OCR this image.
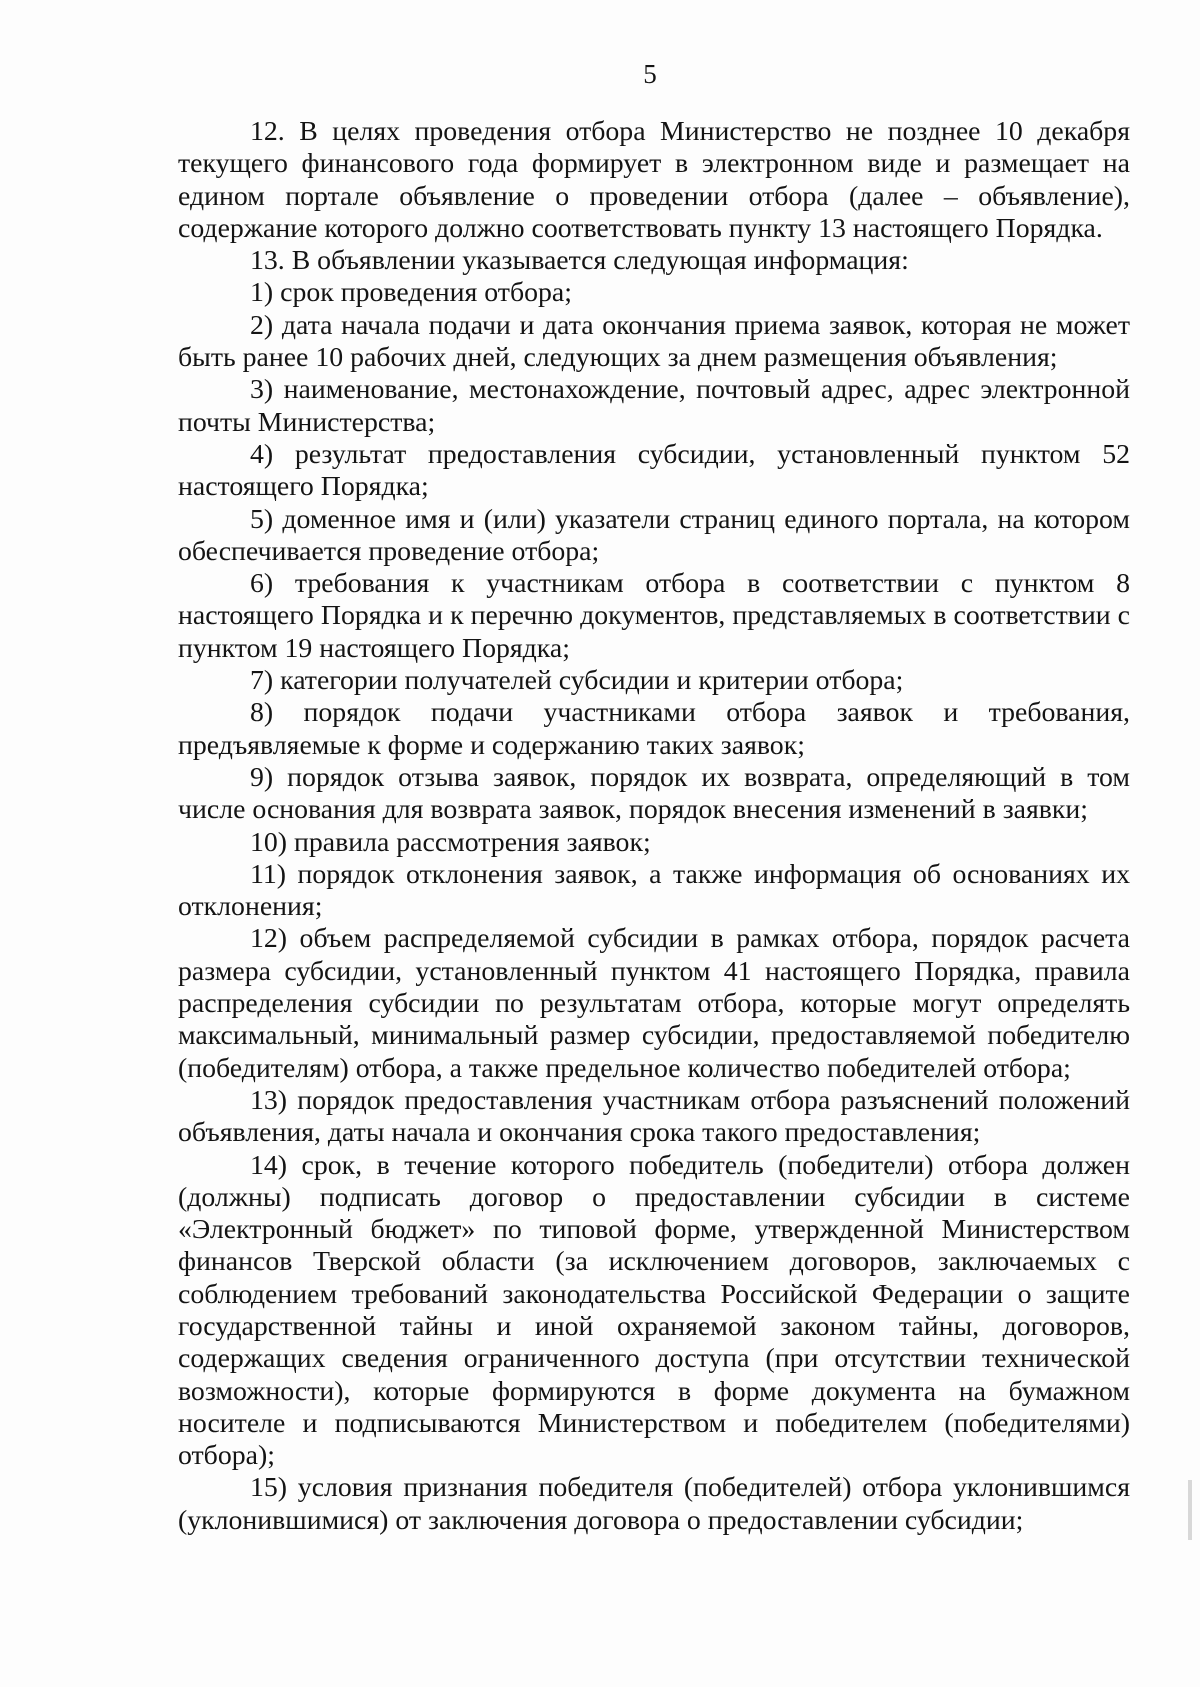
5

12. В целях проведения отбора Министерство не позднее 10 декабря текущего финансового года формирует в электронном виде и размещает на едином портале объявление о проведении отбора (далее – объявление), содержание которого должно соответствовать пункту 13 настоящего Порядка.

13. В объявлении указывается следующая информация:

1) срок проведения отбора;

2) дата начала подачи и дата окончания приема заявок, которая не может быть ранее 10 рабочих дней, следующих за днем размещения объявления;

3) наименование, местонахождение, почтовый адрес, адрес электронной почты Министерства;

4) результат предоставления субсидии, установленный пунктом 52 настоящего Порядка;

5) доменное имя и (или) указатели страниц единого портала, на котором обеспечивается проведение отбора;

6) требования к участникам отбора в соответствии с пунктом 8 настоящего Порядка и к перечню документов, представляемых в соответствии с пунктом 19 настоящего Порядка;

7) категории получателей субсидии и критерии отбора;

8) порядок подачи участниками отбора заявок и требования, предъявляемые к форме и содержанию таких заявок;

9) порядок отзыва заявок, порядок их возврата, определяющий в том числе основания для возврата заявок, порядок внесения изменений в заявки;

10) правила рассмотрения заявок;

11) порядок отклонения заявок, а также информация об основаниях их отклонения;

12) объем распределяемой субсидии в рамках отбора, порядок расчета размера субсидии, установленный пунктом 41 настоящего Порядка, правила распределения субсидии по результатам отбора, которые могут определять максимальный, минимальный размер субсидии, предоставляемой победителю (победителям) отбора, а также предельное количество победителей отбора;

13) порядок предоставления участникам отбора разъяснений положений объявления, даты начала и окончания срока такого предоставления;

14) срок, в течение которого победитель (победители) отбора должен (должны) подписать договор о предоставлении субсидии в системе «Электронный бюджет» по типовой форме, утвержденной Министерством финансов Тверской области (за исключением договоров, заключаемых с соблюдением требований законодательства Российской Федерации о защите государственной тайны и иной охраняемой законом тайны, договоров, содержащих сведения ограниченного доступа (при отсутствии технической возможности), которые формируются в форме документа на бумажном носителе и подписываются Министерством и победителем (победителями) отбора);

15) условия признания победителя (победителей) отбора уклонившимся (уклонившимися) от заключения договора о предоставлении субсидии;
